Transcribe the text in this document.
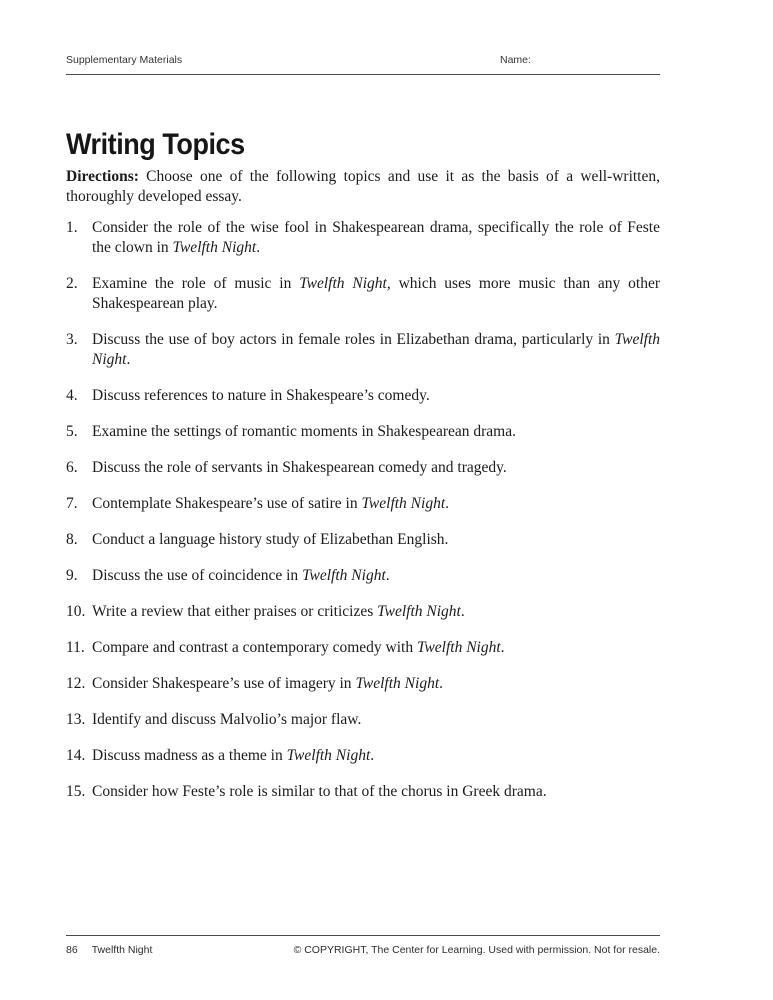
Supplementary Materials	Name:
Writing Topics

Directions: Choose one of the following topics and use it as the basis of a well-written, thoroughly developed essay.

1. Consider the role of the wise fool in Shakespearean drama, specifically the role of Feste the clown in Twelfth Night.
2. Examine the role of music in Twelfth Night, which uses more music than any other Shakespearean play.
3. Discuss the use of boy actors in female roles in Elizabethan drama, particularly in Twelfth Night.
4. Discuss references to nature in Shakespeare’s comedy.
5. Examine the settings of romantic moments in Shakespearean drama.
6. Discuss the role of servants in Shakespearean comedy and tragedy.
7. Contemplate Shakespeare’s use of satire in Twelfth Night.
8. Conduct a language history study of Elizabethan English.
9. Discuss the use of coincidence in Twelfth Night.
10. Write a review that either praises or criticizes Twelfth Night.
11. Compare and contrast a contemporary comedy with Twelfth Night.
12. Consider Shakespeare’s use of imagery in Twelfth Night.
13. Identify and discuss Malvolio’s major flaw.
14. Discuss madness as a theme in Twelfth Night.
15. Consider how Feste’s role is similar to that of the chorus in Greek drama.
86 Twelfth Night	© COPYRIGHT, The Center for Learning. Used with permission. Not for resale.
